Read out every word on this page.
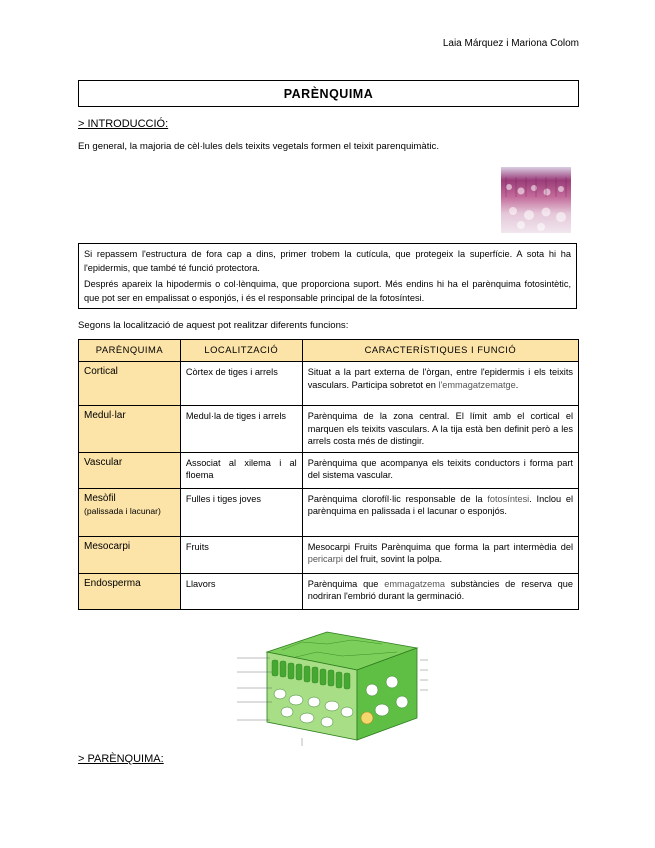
Laia Márquez i Mariona Colom
PARÈNQUIMA
> INTRODUCCIÓ:
En general, la majoria de cèl·lules dels teixits vegetals formen el teixit parenquimàtic.

Si repassem l'estructura de fora cap a dins, primer trobem la cutícula, que protegeix la superfície. A sota hi ha l'epidermis, que també té funció protectora.

Després apareix la hipodermis o col·lènquima, que proporciona suport. Més endins hi ha el parènquima fotosintètic, que pot ser en empalissat o esponjós, i és el responsable principal de la fotosíntesi.

Segons la localització de aquest pot realitzar diferents funcions:
PARÈNQUIMA	LOCALITZACIÓ	CARACTERÍSTIQUES I FUNCIÓ
Cortical	Còrtex de tiges i arrels	Situat a la part externa de l'òrgan, entre l'epidermis i els teixits vasculars. Participa sobretot en l'emmagatzematge.
Medul·lar	Medul·la de tiges i arrels	Parènquima de la zona central. El límit amb el cortical el marquen els teixits vasculars. A la tija està ben definit però a les arrels costa més de distingir.
Vascular	Associat al xilema i al floema	Parènquima que acompanya els teixits conductors i forma part del sistema vascular.

Mesòfil
(palissada i lacunar)	Fulles i tiges joves	Parènquima clorofíl·lic responsable de la fotosíntesi. Inclou el parènquima en palissada i el lacunar o esponjós.
Mesocarpi	Fruits	Mesocarpi Fruits Parènquima que forma la part intermèdia del pericarpi del fruit, sovint la polpa.
Endosperma	Llavors	Parènquima que emmagatzema substàncies de reserva que nodriran l'embrió durant la germinació.
> PARÈNQUIMA:
